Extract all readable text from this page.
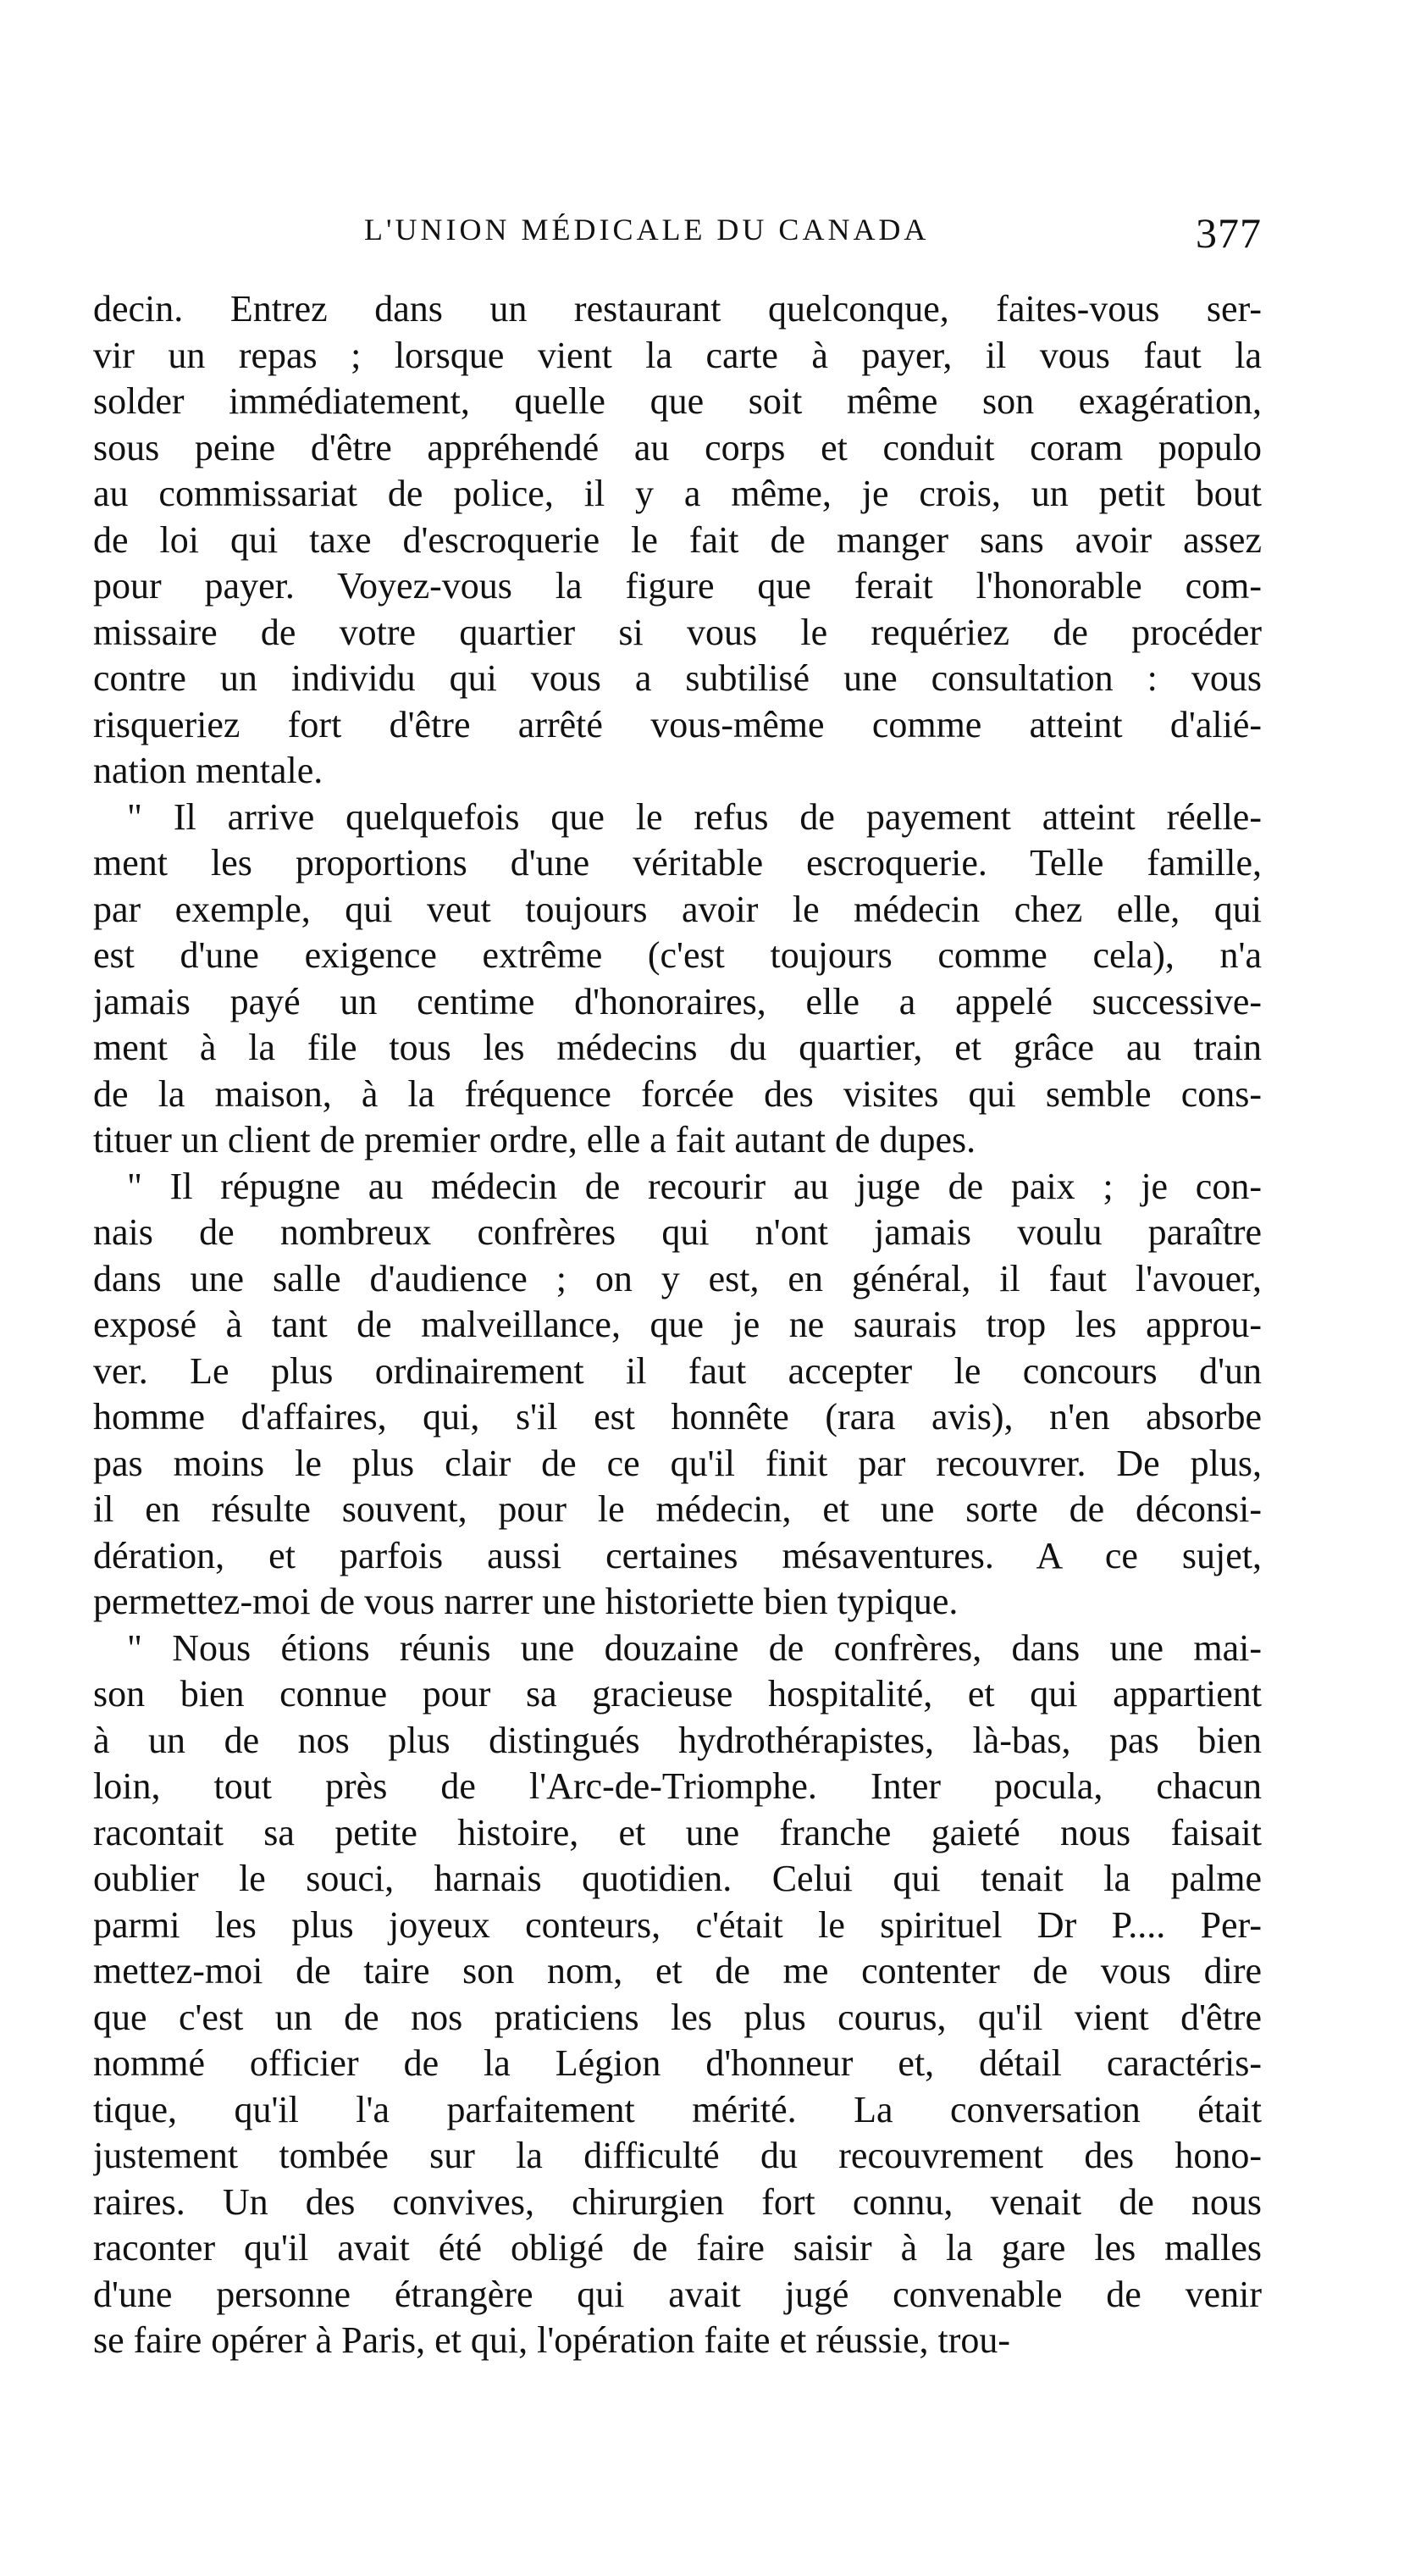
L'UNION MÉDICALE DU CANADA	377
decin. Entrez dans un restaurant quelconque, faites-vous ser-
vir un repas ; lorsque vient la carte à payer, il vous faut la
solder immédiatement, quelle que soit même son exagération,
sous peine d'être appréhendé au corps et conduit coram populo
au commissariat de police, il y a même, je crois, un petit bout
de loi qui taxe d'escroquerie le fait de manger sans avoir assez
pour payer. Voyez-vous la figure que ferait l'honorable com-
missaire de votre quartier si vous le requériez de procéder
contre un individu qui vous a subtilisé une consultation : vous
risqueriez fort d'être arrêté vous-même comme atteint d'alié-
nation mentale.
" Il arrive quelquefois que le refus de payement atteint réelle-
ment les proportions d'une véritable escroquerie. Telle famille,
par exemple, qui veut toujours avoir le médecin chez elle, qui
est d'une exigence extrême (c'est toujours comme cela), n'a
jamais payé un centime d'honoraires, elle a appelé successive-
ment à la file tous les médecins du quartier, et grâce au train
de la maison, à la fréquence forcée des visites qui semble cons-
tituer un client de premier ordre, elle a fait autant de dupes.
" Il répugne au médecin de recourir au juge de paix ; je con-
nais de nombreux confrères qui n'ont jamais voulu paraître
dans une salle d'audience ; on y est, en général, il faut l'avouer,
exposé à tant de malveillance, que je ne saurais trop les approu-
ver. Le plus ordinairement il faut accepter le concours d'un
homme d'affaires, qui, s'il est honnête (rara avis), n'en absorbe
pas moins le plus clair de ce qu'il finit par recouvrer. De plus,
il en résulte souvent, pour le médecin, et une sorte de déconsi-
dération, et parfois aussi certaines mésaventures. A ce sujet,
permettez-moi de vous narrer une historiette bien typique.
" Nous étions réunis une douzaine de confrères, dans une mai-
son bien connue pour sa gracieuse hospitalité, et qui appartient
à un de nos plus distingués hydrothérapistes, là-bas, pas bien
loin, tout près de l'Arc-de-Triomphe. Inter pocula, chacun
racontait sa petite histoire, et une franche gaieté nous faisait
oublier le souci, harnais quotidien. Celui qui tenait la palme
parmi les plus joyeux conteurs, c'était le spirituel Dr P.... Per-
mettez-moi de taire son nom, et de me contenter de vous dire
que c'est un de nos praticiens les plus courus, qu'il vient d'être
nommé officier de la Légion d'honneur et, détail caractéris-
tique, qu'il l'a parfaitement mérité. La conversation était
justement tombée sur la difficulté du recouvrement des hono-
raires. Un des convives, chirurgien fort connu, venait de nous
raconter qu'il avait été obligé de faire saisir à la gare les malles
d'une personne étrangère qui avait jugé convenable de venir
se faire opérer à Paris, et qui, l'opération faite et réussie, trou-
